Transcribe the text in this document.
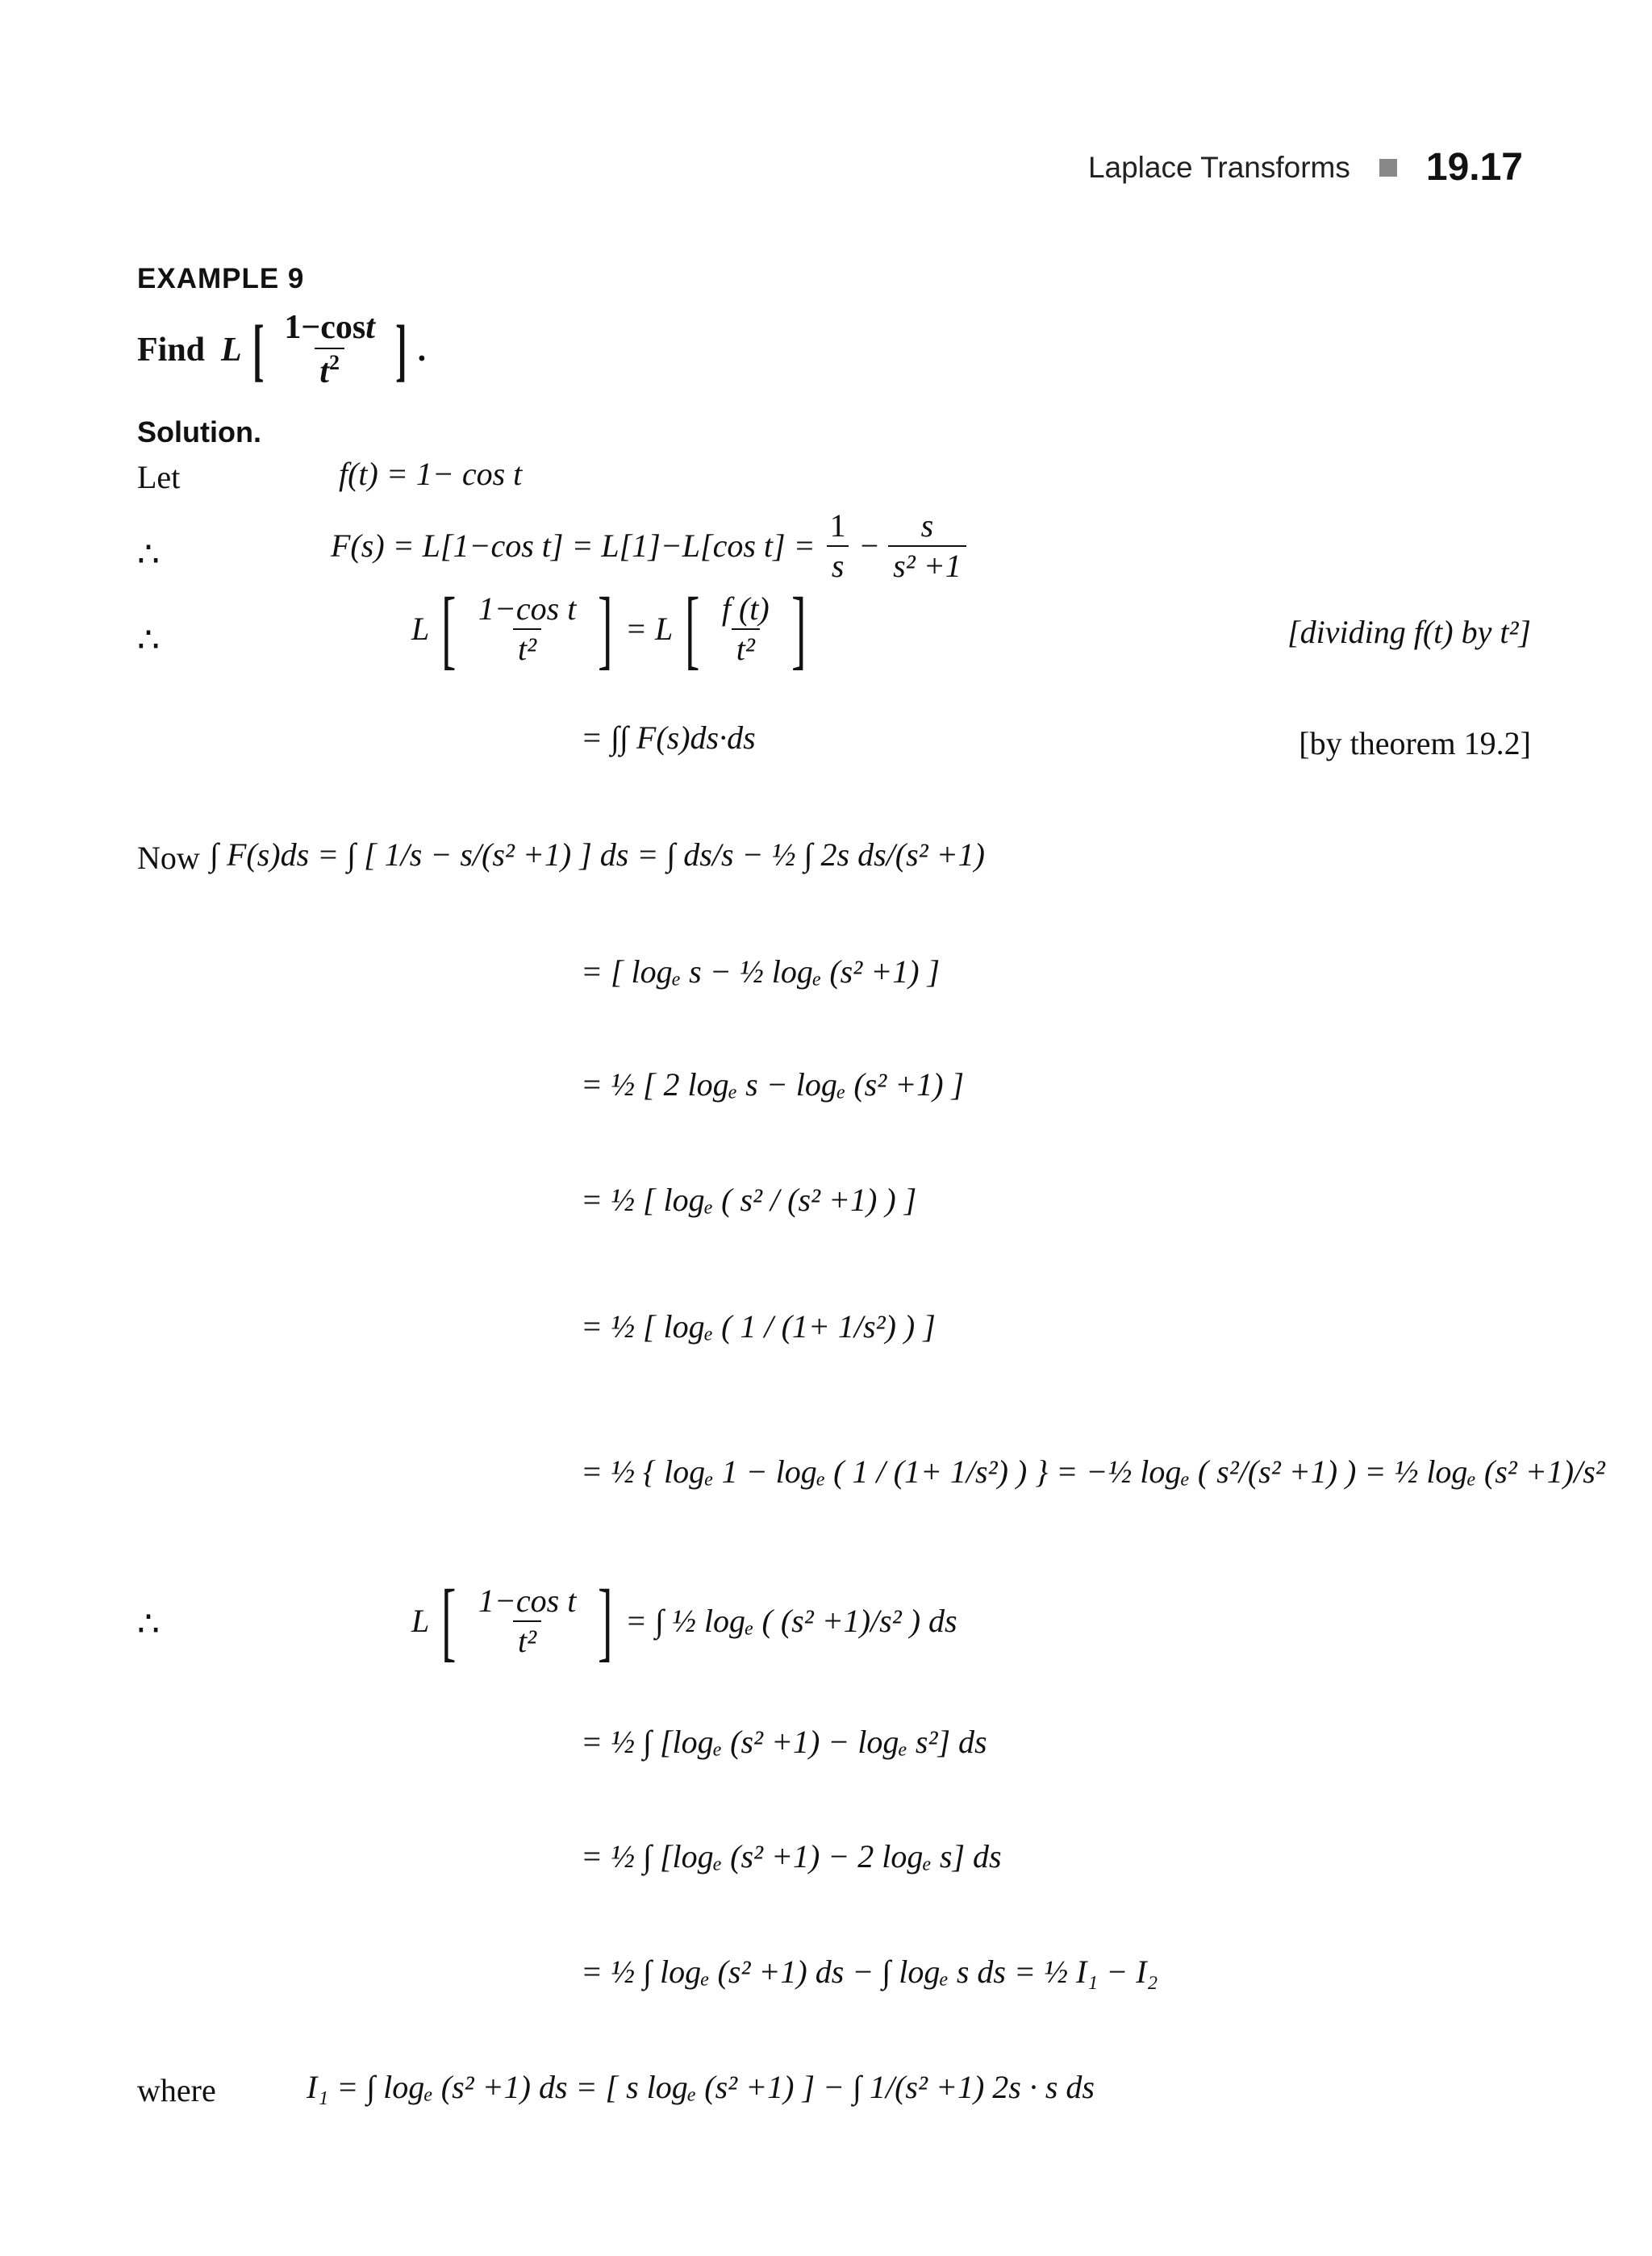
Laplace Transforms 19.17
EXAMPLE 9
Find L [ $\frac{1-\cos t}{t^2}$ ] .
Solution.
Let	f(t) = 1− cos t
∴	F(s) = L[1−cos t] = L[1]−L[cos $t] = \frac{1}{s} - \frac{s}{\text{s² +1}}$
∴	L [ $\frac{\text{1−cos t}}{\text{t²}}$ ] = L [ $\frac{f (t)}{\text{t²}}$ ]	[dividing f(t) by t²]
= ∫∫ F(s)ds·ds	[by theorem 19.2]
Now ∫ F(s)ds = ∫ [ 1/s − s/(s² +1) ] ds = ∫ ds/s − ½ ∫ 2s ds/(s² +1)
= [ logₑ s − ½ logₑ (s² +1) ]
= ½ [ 2 logₑ s − logₑ (s² +1) ]
= ½ [ logₑ ( s² / (s² +1) ) ]
= ½ [ logₑ ( 1 / (1+ 1/s²) ) ]
= ½ { logₑ 1 − logₑ ( 1 / (1+ 1/s²) ) } = −½ logₑ ( s²/(s² +1) ) = ½ logₑ (s² +1)/s²
∴	L [ $\frac{\text{1−cos t}}{\text{t²}}$ ] = ∫ ½ logₑ ( (s² +1)/s² ) ds
= ½ ∫ [logₑ (s² +1) − logₑ s²] ds
= ½ ∫ [logₑ (s² +1) − 2 logₑ s] ds
= ½ ∫ logₑ (s² +1) ds − ∫ logₑ s ds = ½ I₁ − I₂
where	I₁ = ∫ logₑ (s² +1) ds = [ s logₑ (s² +1) ] − ∫ 1/(s² +1) 2s · s ds
